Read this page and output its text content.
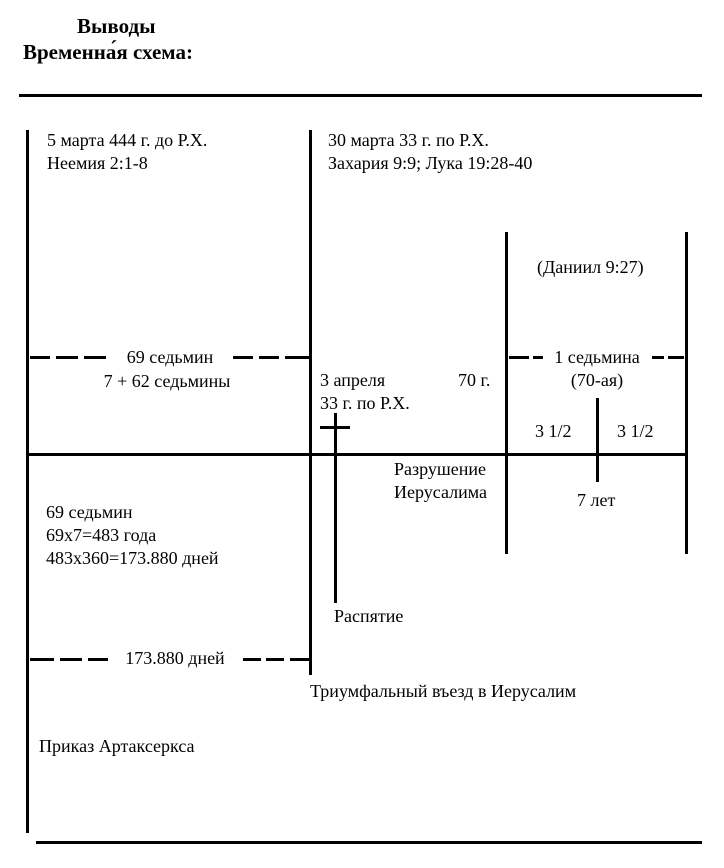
Выводы
Временна́я схема:
5 марта 444 г. до Р.Х.
Неемия 2:1-8
30 марта 33 г. по Р.Х.
Захария 9:9; Лука 19:28-40
(Даниил 9:27)
69 седьмин
7 + 62 седьмины	3 апреля
33 г. по Р.Х.
70 г.
1 седьмина
(70-ая)
3 1/2	3 1/2
Разрушение
Иерусалима	7 лет
69 седьмин
69x7=483 года
483x360=173.880 дней
Распятие
173.880 дней
Триумфальный въезд в Иерусалим
Приказ Артаксеркса
